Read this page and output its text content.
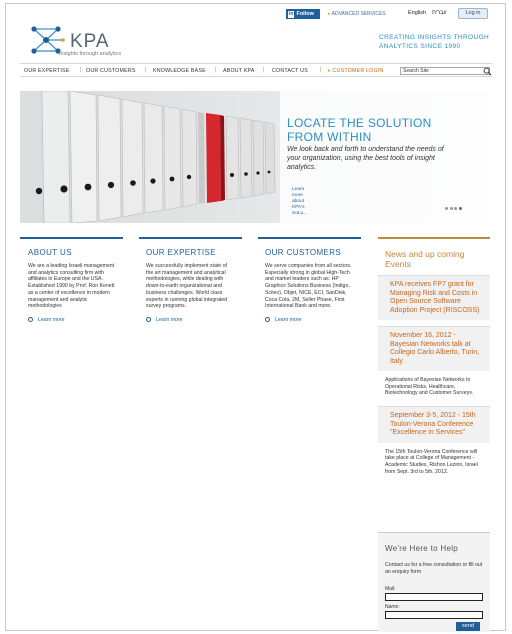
in Follow	▸ ADVANCED SERVICES	English עברית	Log in
KPA
Insights through analytics
CREATING INSIGHTS THROUGH ANALYTICS SINCE 1990
OUR EXPERTISE | OUR CUSTOMERS | KNOWLEDGE BASE | ABOUT KPA | CONTACT US | ▸ CUSTOMER LOGIN	Search Site
LOCATE THE SOLUTION FROM WITHIN
We look back and forth to understand the needs of your organization, using the best tools of insight analytics.
Learn more about KPA's SoLu...
ABOUT US
We are a leading Israeli management and analytics consulting firm with affiliates in Europe and the USA. Established 1990 by Prof. Ron Kenett as a center of excellence in modern management and analytic methodologies
Learn more
OUR EXPERTISE
We successfully implement state of the art management and analytical methodologies, while dealing with down-to-earth organizational and business challenges. World class experts in running global integrated survey programs.
Learn more
OUR CUSTOMERS
We serve companies from all sectors. Especially strong in global High-Tech and market leaders such as: HP Graphics Solutions Business (Indigo, Scitex), Objet, NICE, ECI, SanDisk, Coca Cola, 2M, Seller Phase, First International Bank and more.
Learn more
News and up coming Events
KPA receives FP7 grant for Managing Risk and Costs in Open Source Software Adoption Project (RISCOSS)
November 16, 2012 - Bayesian Networks talk at Collegio Carlo Alberto, Turin, Italy
Applications of Bayesian Networks to Operational Risks, Healthcare, Biotechnology and Customer Surveys.
September 3-5, 2012 - 15th Toulon-Verona Conference "Excellence in Services"
The 15th Toulon-Verona Conference will take place at College of Management - Academic Studies, Rishon Lezion, Israel from Sept. 3rd to 5th, 2012.
We're Here to Help
Contact us for a free consultation or fill out an enquiry form
Mail:
Name:
send
